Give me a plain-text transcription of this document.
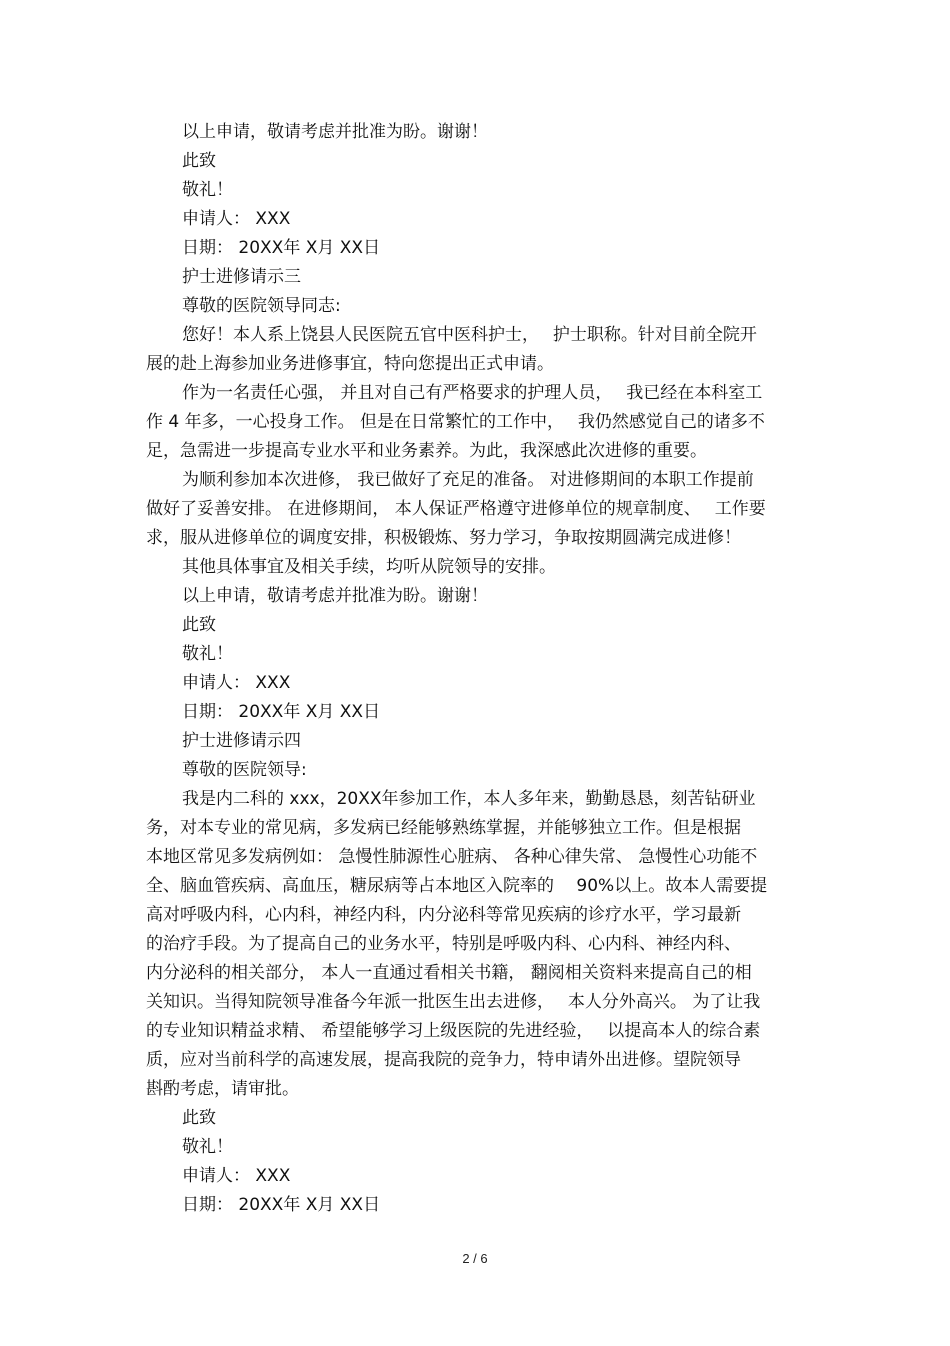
以上申请，敬请考虑并批准为盼。谢谢！
此致
敬礼！
申请人： XXX
日期： 20XX年 X月 XX日
护士进修请示三
尊敬的医院领导同志:
您好！本人系上饶县人民医院五官中医科护士，　 护士职称。针对目前全院开
展的赴上海参加业务进修事宜，特向您提出正式申请。
作为一名责任心强， 并且对自己有严格要求的护理人员，　 我已经在本科室工
作 4 年多，一心投身工作。 但是在日常繁忙的工作中，　 我仍然感觉自己的诸多不
足，急需进一步提高专业水平和业务素养。为此，我深感此次进修的重要。
为顺利参加本次进修， 我已做好了充足的准备。 对进修期间的本职工作提前
做好了妥善安排。 在进修期间， 本人保证严格遵守进修单位的规章制度、　 工作要
求，服从进修单位的调度安排，积极锻炼、努力学习，争取按期圆满完成进修！
其他具体事宜及相关手续，均听从院领导的安排。
以上申请，敬请考虑并批准为盼。谢谢！
此致
敬礼！
申请人： XXX
日期： 20XX年 X月 XX日
护士进修请示四
尊敬的医院领导:
我是内二科的 xxx，20XX年参加工作，本人多年来，勤勤恳恳，刻苦钻研业
务，对本专业的常见病，多发病已经能够熟练掌握，并能够独立工作。但是根据
本地区常见多发病例如： 急慢性肺源性心脏病、 各种心律失常、 急慢性心功能不
全、脑血管疾病、高血压，糖尿病等占本地区入院率的　 90%以上。故本人需要提
高对呼吸内科，心内科，神经内科，内分泌科等常见疾病的诊疗水平，学习最新
的治疗手段。为了提高自己的业务水平，特别是呼吸内科、心内科、神经内科、
内分泌科的相关部分， 本人一直通过看相关书籍， 翻阅相关资料来提高自己的相
关知识。当得知院领导准备今年派一批医生出去进修，　 本人分外高兴。 为了让我
的专业知识精益求精、 希望能够学习上级医院的先进经验，　 以提高本人的综合素
质，应对当前科学的高速发展，提高我院的竞争力，特申请外出进修。望院领导
斟酌考虑，请审批。
此致
敬礼！
申请人： XXX
日期： 20XX年 X月 XX日
2 / 6
